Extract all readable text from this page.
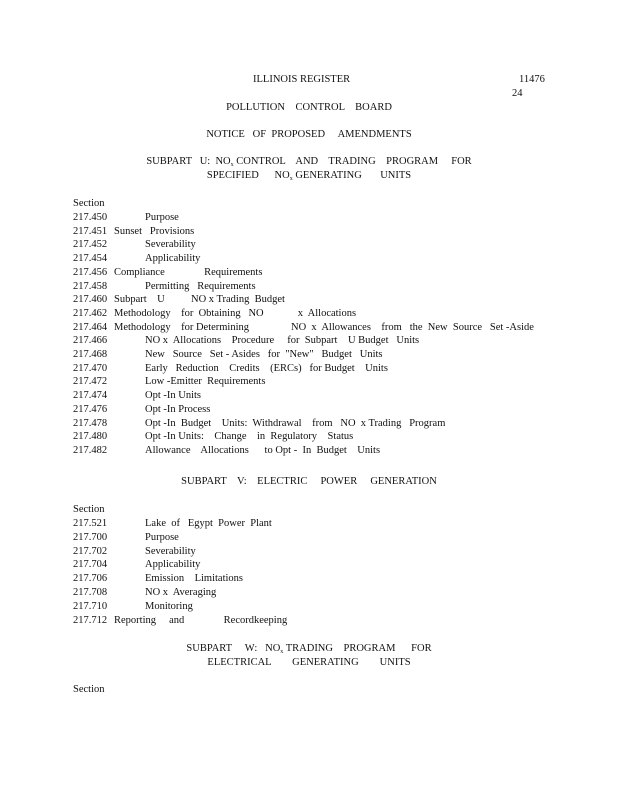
ILLINOIS REGISTER	11476
24
POLLUTION    CONTROL    BOARD
NOTICE   OF  PROPOSED     AMENDMENTS
SUBPART   U:  $NO_x$ CONTROL    AND    TRADING    PROGRAM     FOR
SPECIFIED      $NO_x$ GENERATING       UNITS
Section
217.450	Purpose
217.451 Sunset   Provisions
217.452	Severability
217.454	Applicability
217.456 Compliance               Requirements
217.458	Permitting   Requirements
217.460 Subpart    U          NO x Trading  Budget
217.462 Methodology    for  Obtaining   NO             x  Allocations
217.464 Methodology    for Determining                NO  x  Allowances    from   the  New  Source   Set -Aside
217.466	NO x  Allocations    Procedure     for  Subpart    U Budget   Units
217.468	New   Source   Set - Asides   for  "New"   Budget   Units
217.470	Early   Reduction    Credits    (ERCs)   for Budget    Units
217.472	Low -Emitter  Requirements
217.474	Opt -In Units
217.476	Opt -In Process
217.478	Opt -In  Budget    Units:  Withdrawal    from   NO  x Trading   Program
217.480	Opt -In Units:    Change    in  Regulatory    Status
217.482	Allowance    Allocations      to Opt -  In  Budget    Units
SUBPART    V:    ELECTRIC     POWER     GENERATION
Section
217.521	Lake  of   Egypt  Power  Plant
217.700	Purpose
217.702	Severability
217.704	Applicability
217.706	Emission    Limitations
217.708	NO x  Averaging
217.710	Monitoring
217.712 Reporting     and               Recordkeeping
SUBPART     W:   $NO_x$ TRADING    PROGRAM      FOR
ELECTRICAL        GENERATING        UNITS
Section
